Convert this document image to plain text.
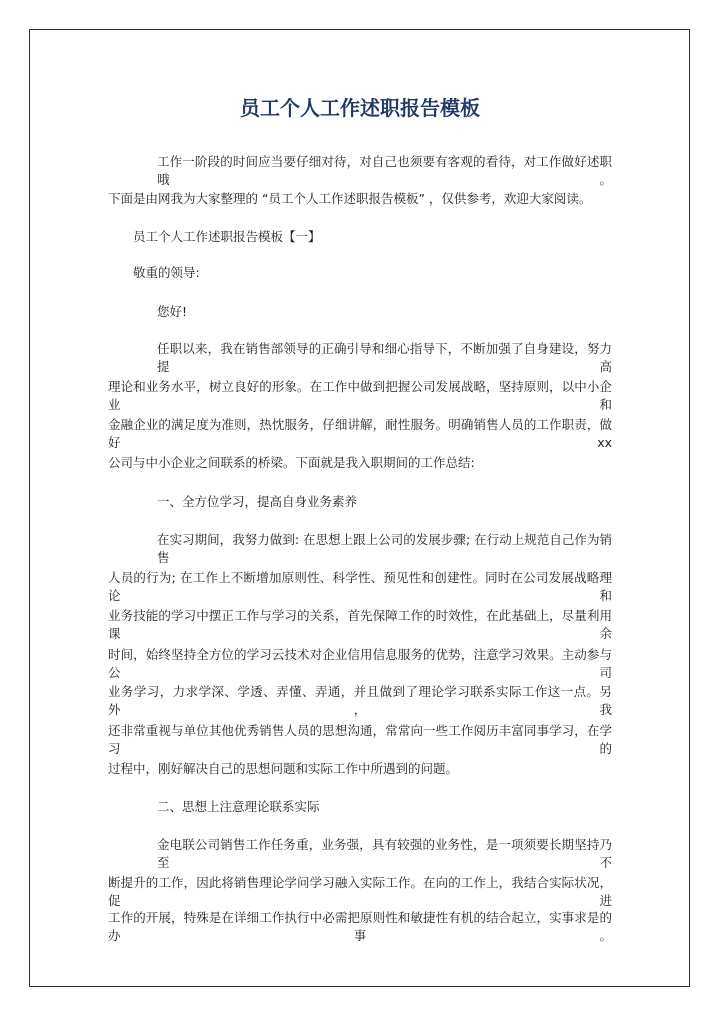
员工个人工作述职报告模板
工作一阶段的时间应当要仔细对待，对自己也须要有客观的看待，对工作做好述职哦。
下面是由网我为大家整理的 “员工个人工作述职报告模板” ，仅供参考，欢迎大家阅读。
员工个人工作述职报告模板【一】
敬重的领导:
您好!
任职以来，我在销售部领导的正确引导和细心指导下，不断加强了自身建设，努力提高
理论和业务水平，树立良好的形象。在工作中做到把握公司发展战略，坚持原则，以中小企业和
金融企业的满足度为准则，热忱服务，仔细讲解，耐性服务。明确销售人员的工作职责，做好 xx
公司与中小企业之间联系的桥梁。下面就是我入职期间的工作总结:
一、全方位学习，提高自身业务素养
在实习期间，我努力做到: 在思想上跟上公司的发展步骤; 在行动上规范自己作为销售
人员的行为; 在工作上不断增加原则性、科学性、预见性和创建性。同时在公司发展战略理论和
业务技能的学习中摆正工作与学习的关系，首先保障工作的时效性，在此基础上，尽量利用课余
时间，始终坚持全方位的学习云技术对企业信用信息服务的优势，注意学习效果。主动参与公司
业务学习，力求学深、学透、弄懂、弄通，并且做到了理论学习联系实际工作这一点。另外，我
还非常重视与单位其他优秀销售人员的思想沟通，常常向一些工作阅历丰富同事学习，在学习的
过程中，刚好解决自己的思想问题和实际工作中所遇到的问题。
二、思想上注意理论联系实际
金电联公司销售工作任务重，业务强，具有较强的业务性，是一项须要长期坚持乃至不
断提升的工作，因此将销售理论学问学习融入实际工作。在向的工作上，我结合实际状况，促进
工作的开展，特殊是在详细工作执行中必需把原则性和敏捷性有机的结合起立，实事求是的办事。
